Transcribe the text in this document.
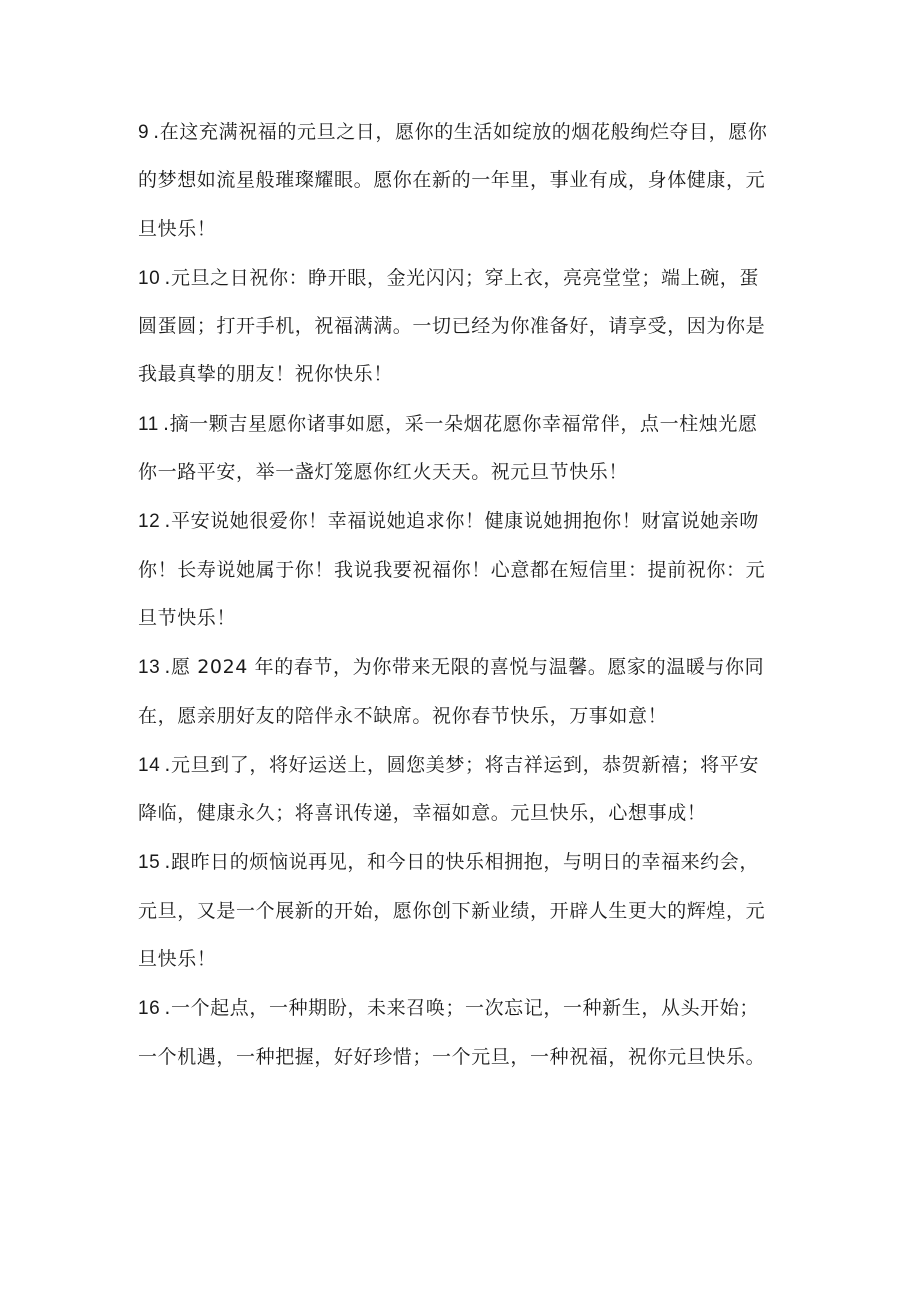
9 .在这充满祝福的元旦之日，愿你的生活如绽放的烟花般绚烂夺目，愿你
的梦想如流星般璀璨耀眼。愿你在新的一年里，事业有成，身体健康，元
旦快乐！
10 .元旦之日祝你：睁开眼，金光闪闪；穿上衣，亮亮堂堂；端上碗，蛋
圆蛋圆；打开手机，祝福满满。一切已经为你准备好，请享受，因为你是
我最真挚的朋友！祝你快乐！
11 .摘一颗吉星愿你诸事如愿，采一朵烟花愿你幸福常伴，点一柱烛光愿
你一路平安，举一盏灯笼愿你红火天天。祝元旦节快乐！
12 .平安说她很爱你！幸福说她追求你！健康说她拥抱你！财富说她亲吻
你！长寿说她属于你！我说我要祝福你！心意都在短信里：提前祝你：元
旦节快乐！
13 .愿 2024 年的春节，为你带来无限的喜悦与温馨。愿家的温暖与你同
在，愿亲朋好友的陪伴永不缺席。祝你春节快乐，万事如意！
14 .元旦到了，将好运送上，圆您美梦；将吉祥运到，恭贺新禧；将平安
降临，健康永久；将喜讯传递，幸福如意。元旦快乐，心想事成！
15 .跟昨日的烦恼说再见，和今日的快乐相拥抱，与明日的幸福来约会，
元旦，又是一个展新的开始，愿你创下新业绩，开辟人生更大的辉煌，元
旦快乐！
16 .一个起点，一种期盼，未来召唤；一次忘记，一种新生，从头开始；
一个机遇，一种把握，好好珍惜；一个元旦，一种祝福，祝你元旦快乐。
